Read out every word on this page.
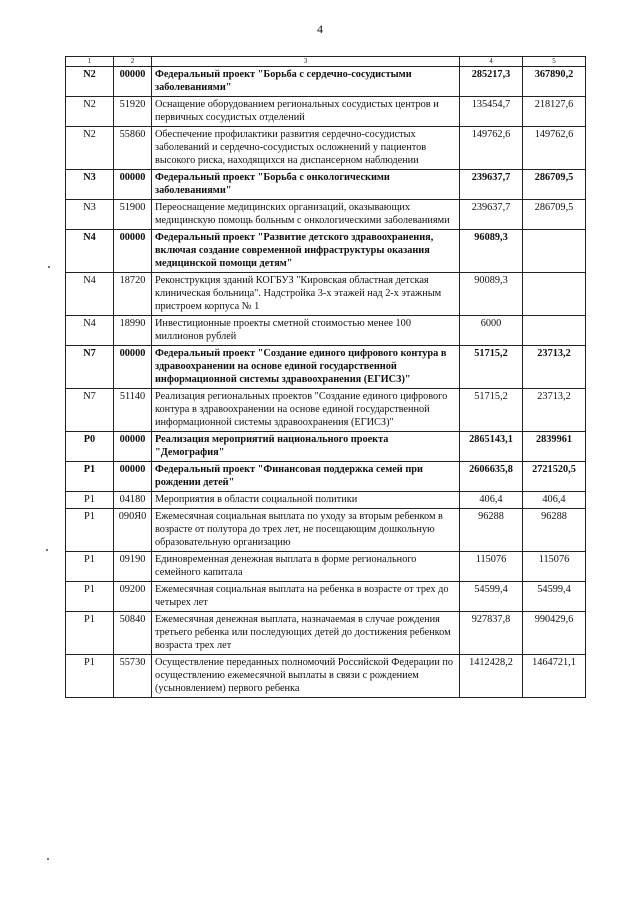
4
1	2	3	4	5
N2	00000	Федеральный проект "Борьба с сердечно-сосудистыми заболеваниями"	285217,3	367890,2
N2	51920	Оснащение оборудованием региональных сосудистых центров и первичных сосудистых отделений	135454,7	218127,6
N2	55860	Обеспечение профилактики развития сердечно-сосудистых заболеваний и сердечно-сосудистых осложнений у пациентов высокого риска, находящихся на диспансерном наблюдении	149762,6	149762,6
N3	00000	Федеральный проект "Борьба с онкологическими заболеваниями"	239637,7	286709,5
N3	51900	Переоснащение медицинских организаций, оказывающих медицинскую помощь больным с онкологическими заболеваниями	239637,7	286709,5
N4	00000	Федеральный проект "Развитие детского здравоохранения, включая создание современной инфраструктуры оказания медицинской помощи детям"	96089,3	
N4	18720	Реконструкция зданий КОГБУЗ "Кировская областная детская клиническая больница". Надстройка 3-х этажей над 2-х этажным пристроем корпуса № 1	90089,3	
N4	18990	Инвестиционные проекты сметной стоимостью менее 100 миллионов рублей	6000	
N7	00000	Федеральный проект "Создание единого цифрового контура в здравоохранении на основе единой государственной информационной системы здравоохранения (ЕГИСЗ)"	51715,2	23713,2
N7	51140	Реализация региональных проектов "Создание единого цифрового контура в здравоохранении на основе единой государственной информационной системы здравоохранения (ЕГИСЗ)"	51715,2	23713,2
P0	00000	Реализация мероприятий национального проекта "Демография"	2865143,1	2839961
P1	00000	Федеральный проект "Финансовая поддержка семей при рождении детей"	2606635,8	2721520,5
P1	04180	Мероприятия в области социальной политики	406,4	406,4
P1	090Я0	Ежемесячная социальная выплата по уходу за вторым ребенком в возрасте от полутора до трех лет, не посещающим дошкольную образовательную организацию	96288	96288
P1	09190	Единовременная денежная выплата в форме регионального семейного капитала	115076	115076
P1	09200	Ежемесячная социальная выплата на ребенка в возрасте от трех до четырех лет	54599,4	54599,4
P1	50840	Ежемесячная денежная выплата, назначаемая в случае рождения третьего ребенка или последующих детей до достижения ребенком возраста трех лет	927837,8	990429,6
P1	55730	Осуществление переданных полномочий Российской Федерации по осуществлению ежемесячной выплаты в связи с рождением (усыновлением) первого ребенка	1412428,2	1464721,1
